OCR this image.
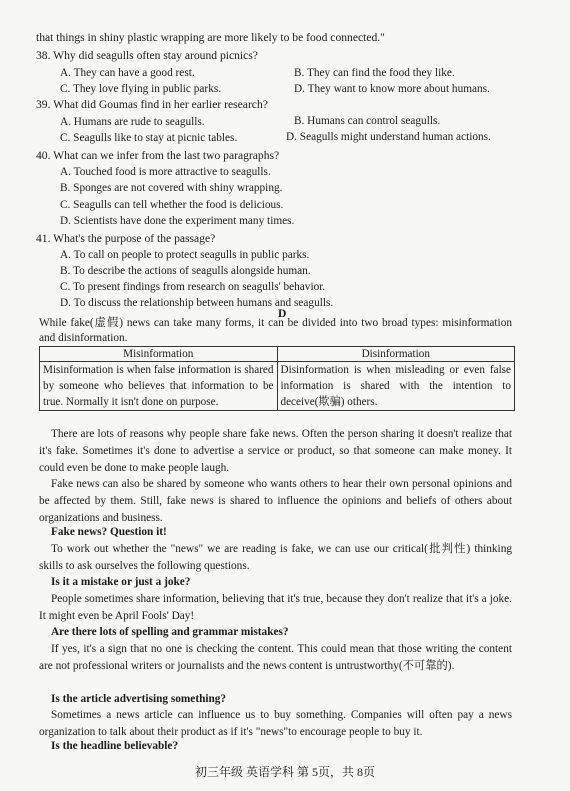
that things in shiny plastic wrapping are more likely to be food connected."
38. Why did seagulls often stay around picnics?
A. They can have a good rest.	B. They can find the food they like.
C. They love flying in public parks.	D. They want to know more about humans.
39. What did Goumas find in her earlier research?
A. Humans are rude to seagulls.	B. Humans can control seagulls.
C. Seagulls like to stay at picnic tables.	D. Seagulls might understand human actions.
40. What can we infer from the last two paragraphs?
A. Touched food is more attractive to seagulls.
B. Sponges are not covered with shiny wrapping.
C. Seagulls can tell whether the food is delicious.
D. Scientists have done the experiment many times.
41. What's the purpose of the passage?
A. To call on people to protect seagulls in public parks.
B. To describe the actions of seagulls alongside human.
C. To present findings from research on seagulls' behavior.
D. To discuss the relationship between humans and seagulls.
D
While fake(虚假) news can take many forms, it can be divided into two broad types: misinformation and disinformation.
Misinformation	Disinformation
Misinformation is when false information is shared by someone who believes that information to be true. Normally it isn't done on purpose.	Disinformation is when misleading or even false information is shared with the intention to deceive(欺骗) others.
There are lots of reasons why people share fake news. Often the person sharing it doesn't realize that it's fake. Sometimes it's done to advertise a service or product, so that someone can make money. It could even be done to make people laugh.
Fake news can also be shared by someone who wants others to hear their own personal opinions and be affected by them. Still, fake news is shared to influence the opinions and beliefs of others about organizations and business.
Fake news? Question it!
To work out whether the "news" we are reading is fake, we can use our critical(批判性) thinking skills to ask ourselves the following questions.
Is it a mistake or just a joke?
People sometimes share information, believing that it's true, because they don't realize that it's a joke. It might even be April Fools' Day!
Are there lots of spelling and grammar mistakes?
If yes, it's a sign that no one is checking the content. This could mean that those writing the content are not professional writers or journalists and the news content is untrustworthy(不可靠的).
Is the article advertising something?
Sometimes a news article can influence us to buy something. Companies will often pay a news organization to talk about their product as if it's "news"to encourage people to buy it.
Is the headline believable?
初三年级 英语学科 第 5页，共 8页
